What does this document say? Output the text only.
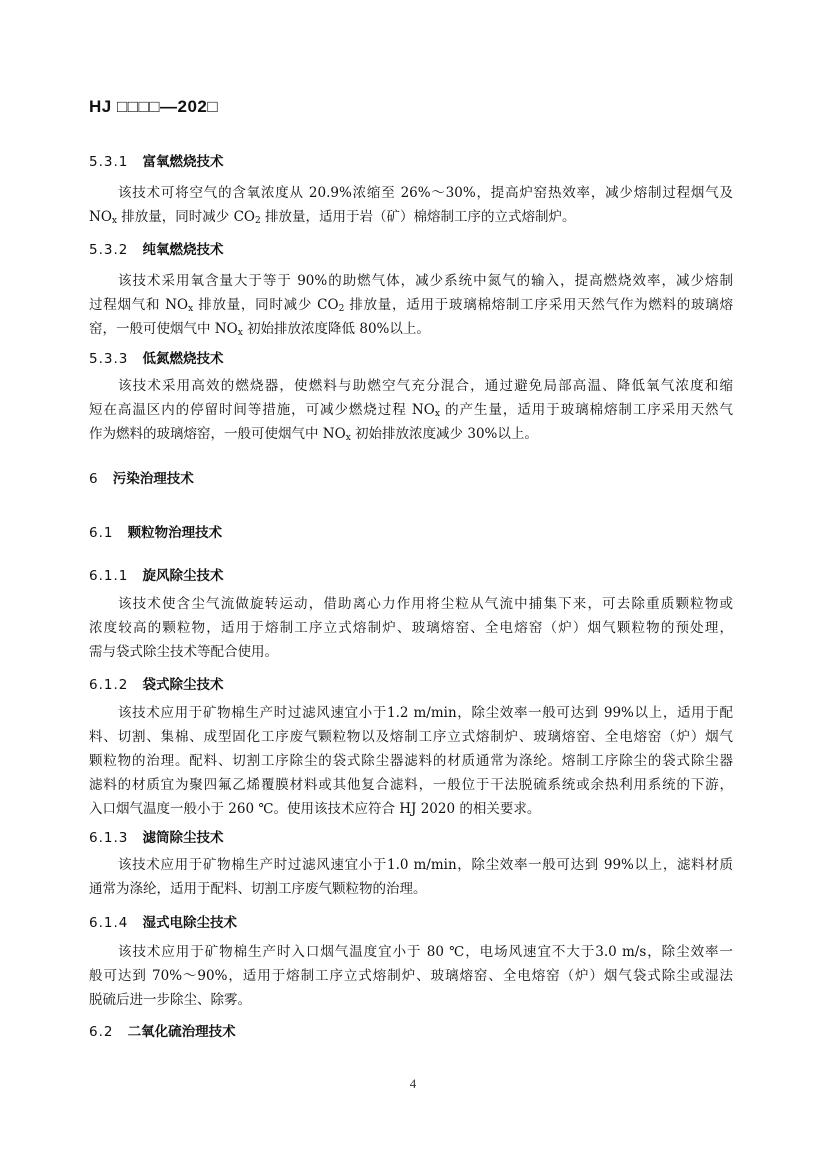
HJ □□□□—202□
5.3.1 富氧燃烧技术
该技术可将空气的含氧浓度从 20.9%浓缩至 26%～30%，提高炉窑热效率，减少熔制过程烟气及
$NO_x$ 排放量，同时减少 $CO_2$ 排放量，适用于岩（矿）棉熔制工序的立式熔制炉。
5.3.2 纯氧燃烧技术
该技术采用氧含量大于等于 90%的助燃气体，减少系统中氮气的输入，提高燃烧效率，减少熔制
过程烟气和 $NO_x$ 排放量，同时减少 $CO_2$ 排放量，适用于玻璃棉熔制工序采用天然气作为燃料的玻璃熔
窑，一般可使烟气中 $NO_x$ 初始排放浓度降低 80%以上。
5.3.3 低氮燃烧技术
该技术采用高效的燃烧器，使燃料与助燃空气充分混合，通过避免局部高温、降低氧气浓度和缩
短在高温区内的停留时间等措施，可减少燃烧过程 $NO_x$ 的产生量，适用于玻璃棉熔制工序采用天然气
作为燃料的玻璃熔窑，一般可使烟气中 $NO_x$ 初始排放浓度减少 30%以上。
6 污染治理技术
6.1 颗粒物治理技术
6.1.1 旋风除尘技术
该技术使含尘气流做旋转运动，借助离心力作用将尘粒从气流中捕集下来，可去除重质颗粒物或
浓度较高的颗粒物，适用于熔制工序立式熔制炉、玻璃熔窑、全电熔窑（炉）烟气颗粒物的预处理，
需与袋式除尘技术等配合使用。
6.1.2 袋式除尘技术
该技术应用于矿物棉生产时过滤风速宜小于1.2 m/min，除尘效率一般可达到 99%以上，适用于配
料、切割、集棉、成型固化工序废气颗粒物以及熔制工序立式熔制炉、玻璃熔窑、全电熔窑（炉）烟气
颗粒物的治理。配料、切割工序除尘的袋式除尘器滤料的材质通常为涤纶。熔制工序除尘的袋式除尘器
滤料的材质宜为聚四氟乙烯覆膜材料或其他复合滤料，一般位于干法脱硫系统或余热利用系统的下游，
入口烟气温度一般小于 260 ℃。使用该技术应符合 HJ 2020 的相关要求。
6.1.3 滤筒除尘技术
该技术应用于矿物棉生产时过滤风速宜小于1.0 m/min，除尘效率一般可达到 99%以上，滤料材质
通常为涤纶，适用于配料、切割工序废气颗粒物的治理。
6.1.4 湿式电除尘技术
该技术应用于矿物棉生产时入口烟气温度宜小于 80 ℃，电场风速宜不大于3.0 m/s，除尘效率一
般可达到 70%～90%，适用于熔制工序立式熔制炉、玻璃熔窑、全电熔窑（炉）烟气袋式除尘或湿法
脱硫后进一步除尘、除雾。
6.2 二氧化硫治理技术
4
